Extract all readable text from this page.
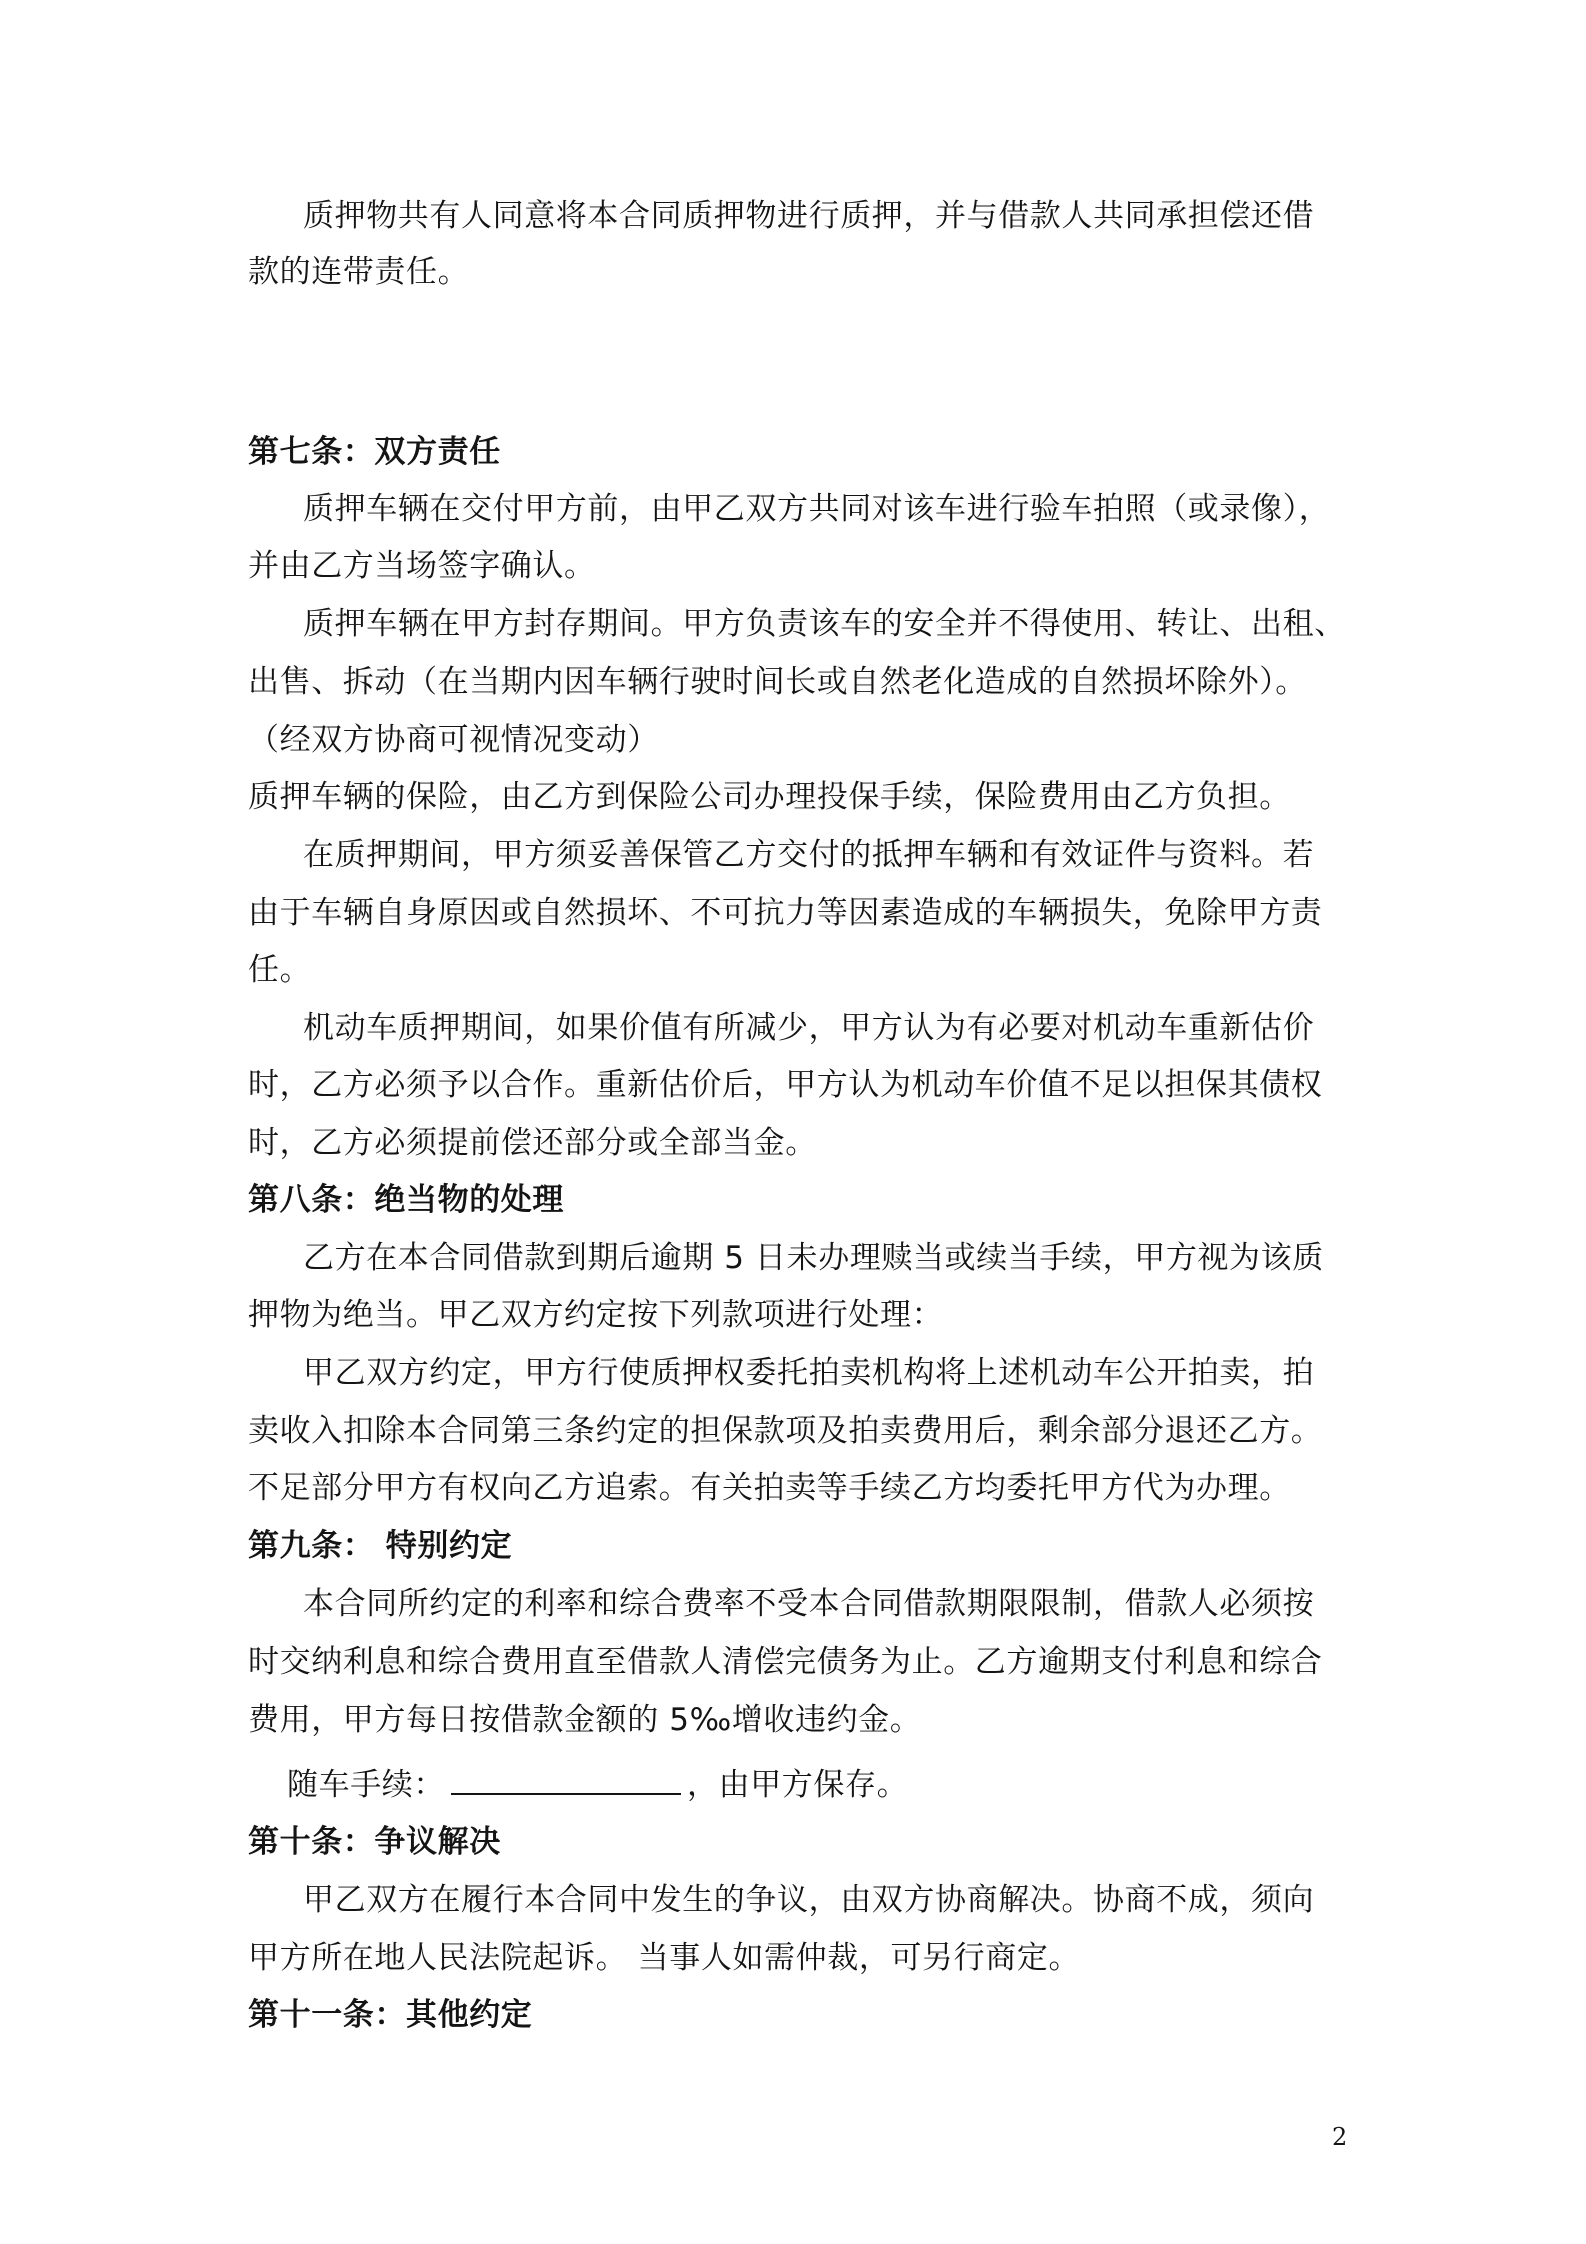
质押物共有人同意将本合同质押物进行质押，并与借款人共同承担偿还借

款的连带责任。

第七条：双方责任

质押车辆在交付甲方前，由甲乙双方共同对该车进行验车拍照（或录像），

并由乙方当场签字确认。

质押车辆在甲方封存期间。甲方负责该车的安全并不得使用、转让、出租、

出售、拆动（在当期内因车辆行驶时间长或自然老化造成的自然损坏除外）。

（经双方协商可视情况变动）

质押车辆的保险，由乙方到保险公司办理投保手续，保险费用由乙方负担。

在质押期间，甲方须妥善保管乙方交付的抵押车辆和有效证件与资料。若

由于车辆自身原因或自然损坏、不可抗力等因素造成的车辆损失，免除甲方责

任。

机动车质押期间，如果价值有所减少，甲方认为有必要对机动车重新估价

时，乙方必须予以合作。重新估价后，甲方认为机动车价值不足以担保其债权

时，乙方必须提前偿还部分或全部当金。

第八条：绝当物的处理

乙方在本合同借款到期后逾期 5 日未办理赎当或续当手续，甲方视为该质

押物为绝当。甲乙双方约定按下列款项进行处理：

甲乙双方约定，甲方行使质押权委托拍卖机构将上述机动车公开拍卖，拍

卖收入扣除本合同第三条约定的担保款项及拍卖费用后，剩余部分退还乙方。

不足部分甲方有权向乙方追索。有关拍卖等手续乙方均委托甲方代为办理。

第九条： 特别约定

本合同所约定的利率和综合费率不受本合同借款期限限制，借款人必须按

时交纳利息和综合费用直至借款人清偿完债务为止。乙方逾期支付利息和综合

费用，甲方每日按借款金额的 5‰增收违约金。

随车手续：	，由甲方保存。

第十条：争议解决

甲乙双方在履行本合同中发生的争议，由双方协商解决。协商不成，须向

甲方所在地人民法院起诉。 当事人如需仲裁，可另行商定。

第十一条：其他约定

2
